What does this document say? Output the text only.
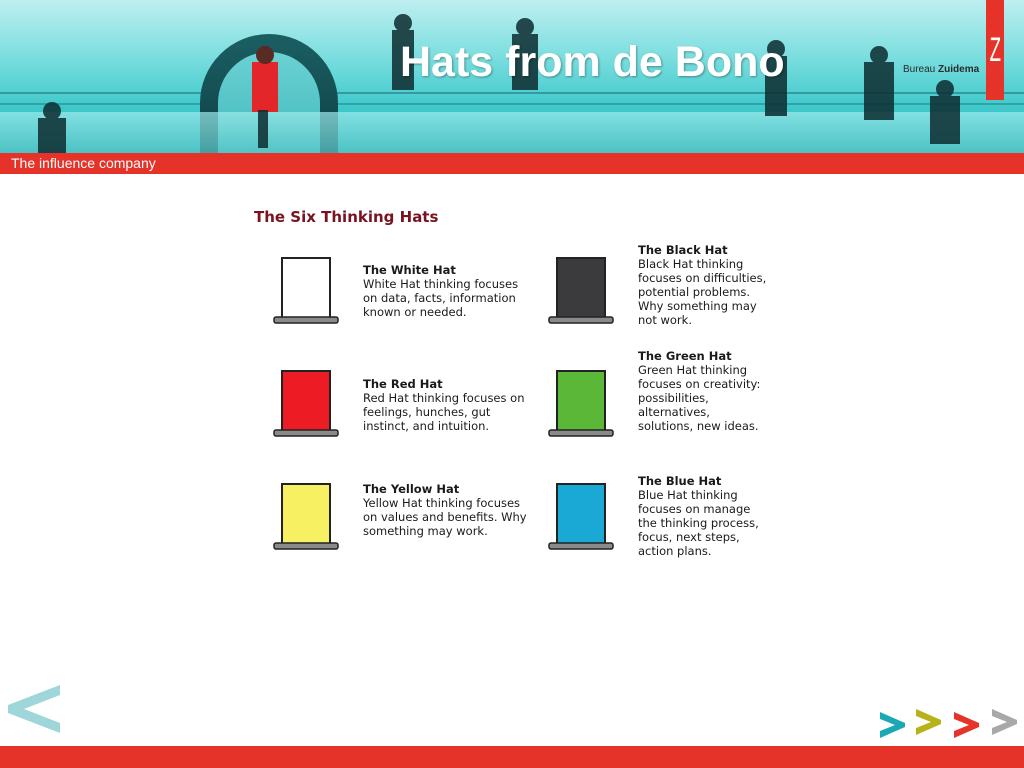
Hats from de Bono	Bureau Zuidema
Z
The influence company
The Six Thinking Hats
The White Hat
White Hat thinking focuses on data, facts, information known or needed.
The Black Hat
Black Hat thinking focuses on difficulties, potential problems. Why something may not work.
The Red Hat
Red Hat thinking focuses on feelings, hunches, gut instinct, and intuition.
The Green Hat
Green Hat thinking focuses on creativity: possibilities, alternatives, solutions, new ideas.
The Yellow Hat
Yellow Hat thinking focuses on values and benefits. Why something may work.
The Blue Hat
Blue Hat thinking focuses on manage the thinking process, focus, next steps, action plans.
